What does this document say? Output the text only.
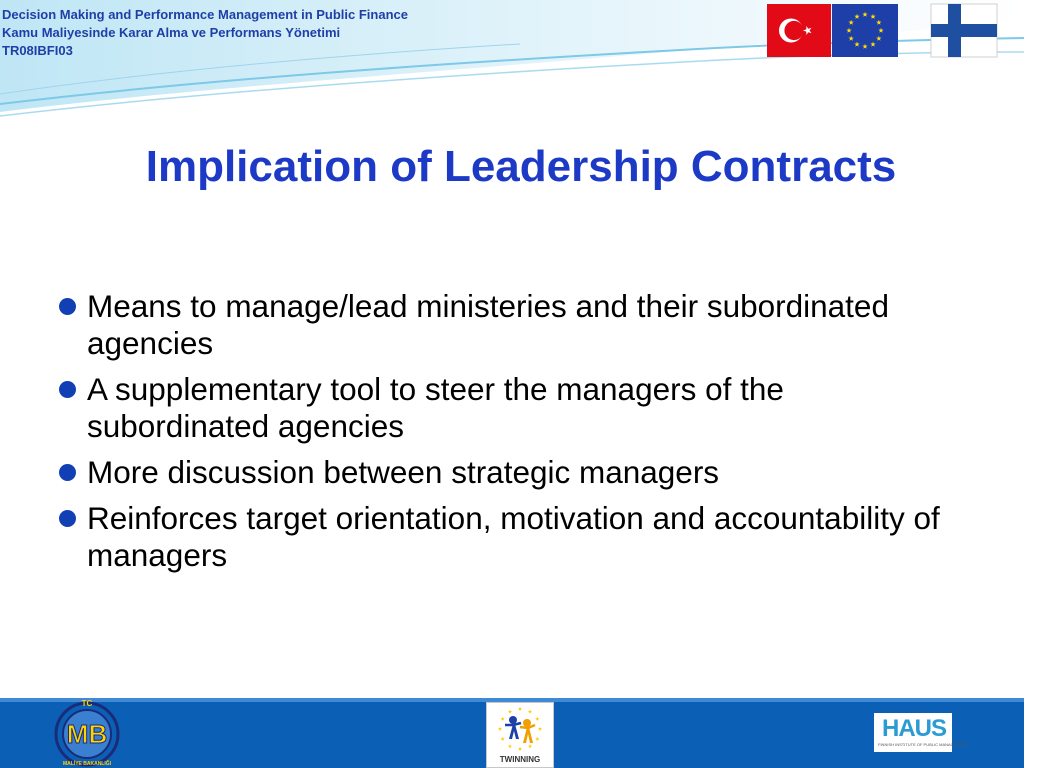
Decision Making and Performance Management in Public Finance
Kamu Maliyesinde Karar Alma ve Performans Yönetimi
TR08IBFI03
Implication of Leadership Contracts
Means to manage/lead ministeries and their subordinated agencies
A supplementary tool to steer the managers of the subordinated agencies
More discussion between strategic managers
Reinforces target orientation, motivation and accountability of managers
TC
MB
MALİYE BAKANLIĞI	TWINNING
HAUS
FINNISH INSTITUTE OF PUBLIC MANAGEMENT
